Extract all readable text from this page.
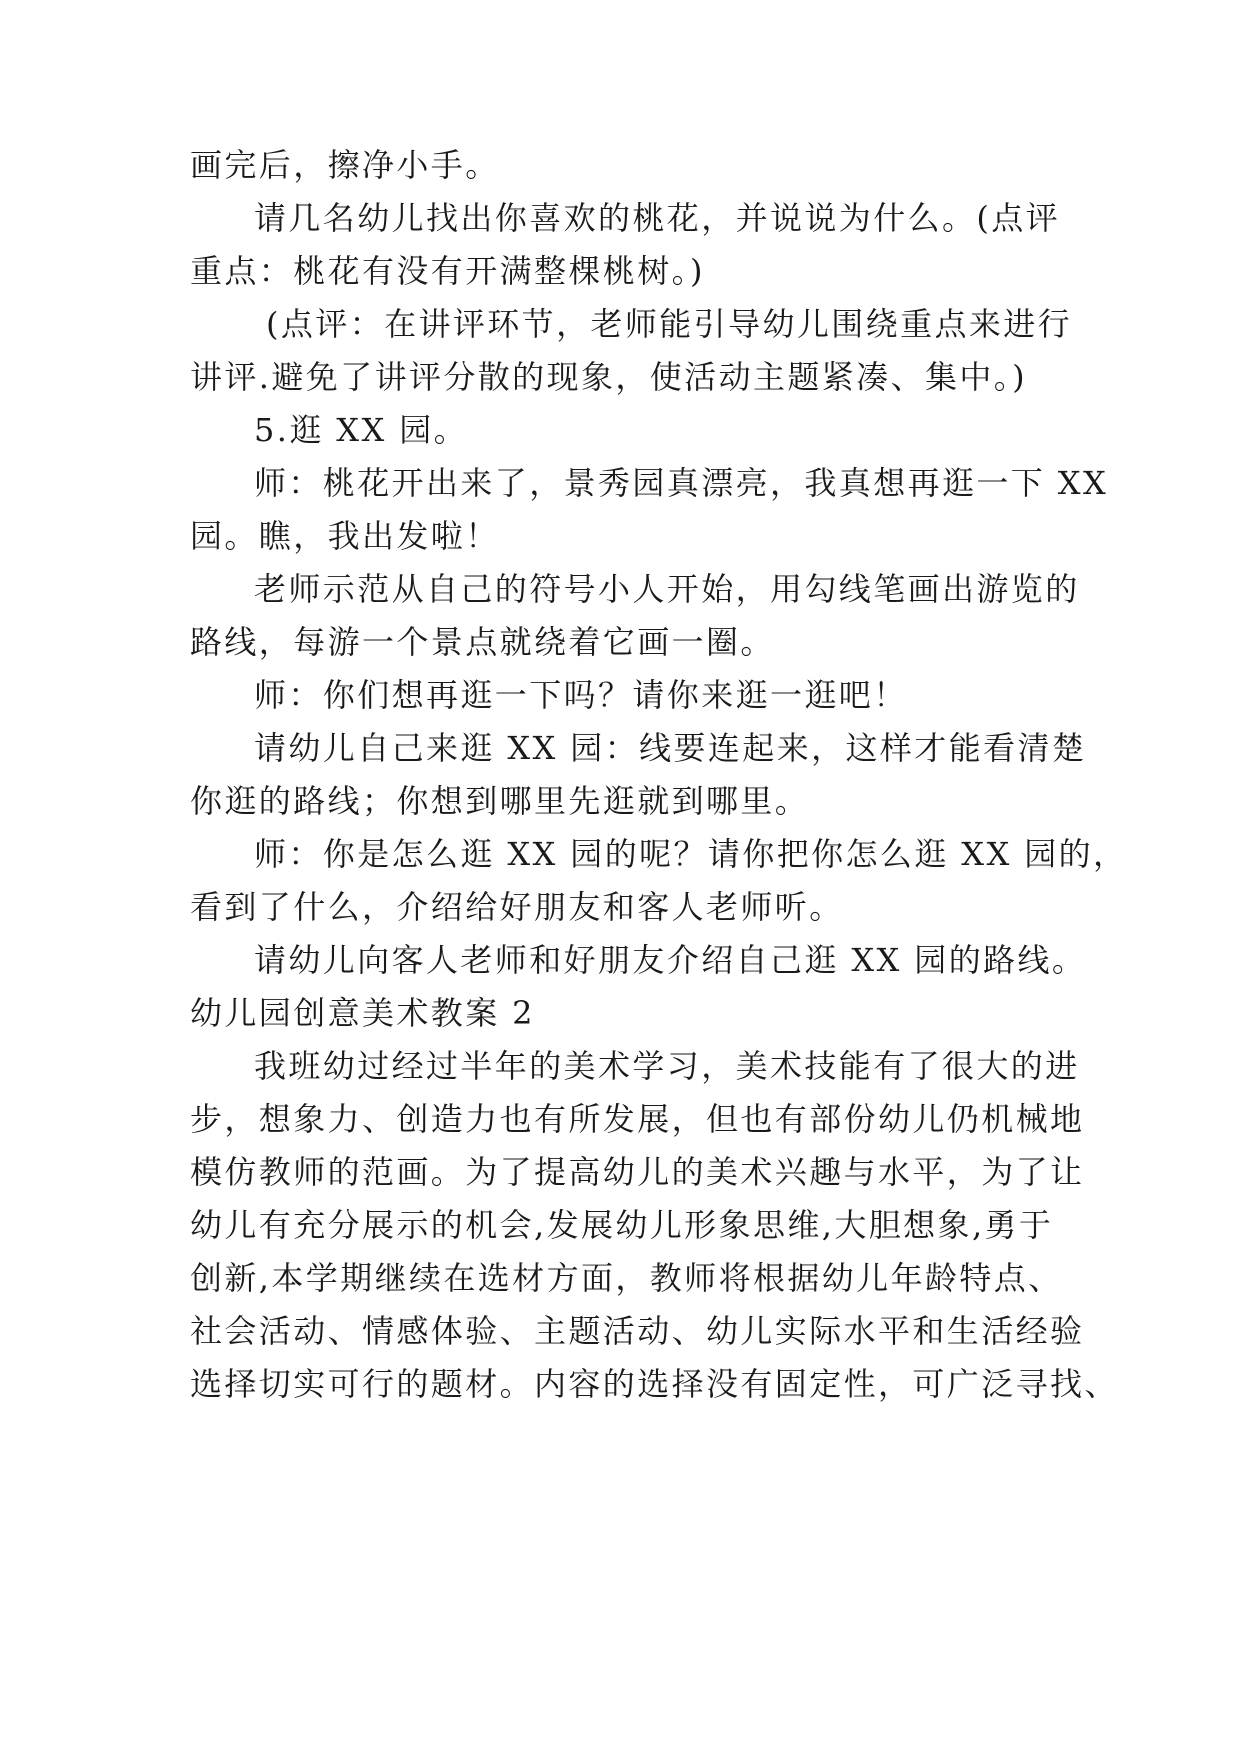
画完后，擦净小手。
请几名幼儿找出你喜欢的桃花，并说说为什么。(点评
重点：桃花有没有开满整棵桃树。)
(点评：在讲评环节，老师能引导幼儿围绕重点来进行
讲评.避免了讲评分散的现象，使活动主题紧凑、集中。)
5.逛 XX 园。
师：桃花开出来了，景秀园真漂亮，我真想再逛一下 XX
园。瞧，我出发啦！
老师示范从自己的符号小人开始，用勾线笔画出游览的
路线，每游一个景点就绕着它画一圈。
师：你们想再逛一下吗？请你来逛一逛吧！
请幼儿自己来逛 XX 园：线要连起来，这样才能看清楚
你逛的路线；你想到哪里先逛就到哪里。
师：你是怎么逛 XX 园的呢？请你把你怎么逛 XX 园的，
看到了什么，介绍给好朋友和客人老师听。
请幼儿向客人老师和好朋友介绍自己逛 XX 园的路线。
幼儿园创意美术教案 2
我班幼过经过半年的美术学习，美术技能有了很大的进
步，想象力、创造力也有所发展，但也有部份幼儿仍机械地
模仿教师的范画。为了提高幼儿的美术兴趣与水平，为了让
幼儿有充分展示的机会,发展幼儿形象思维,大胆想象,勇于
创新,本学期继续在选材方面，教师将根据幼儿年龄特点、
社会活动、情感体验、主题活动、幼儿实际水平和生活经验
选择切实可行的题材。内容的选择没有固定性，可广泛寻找、
